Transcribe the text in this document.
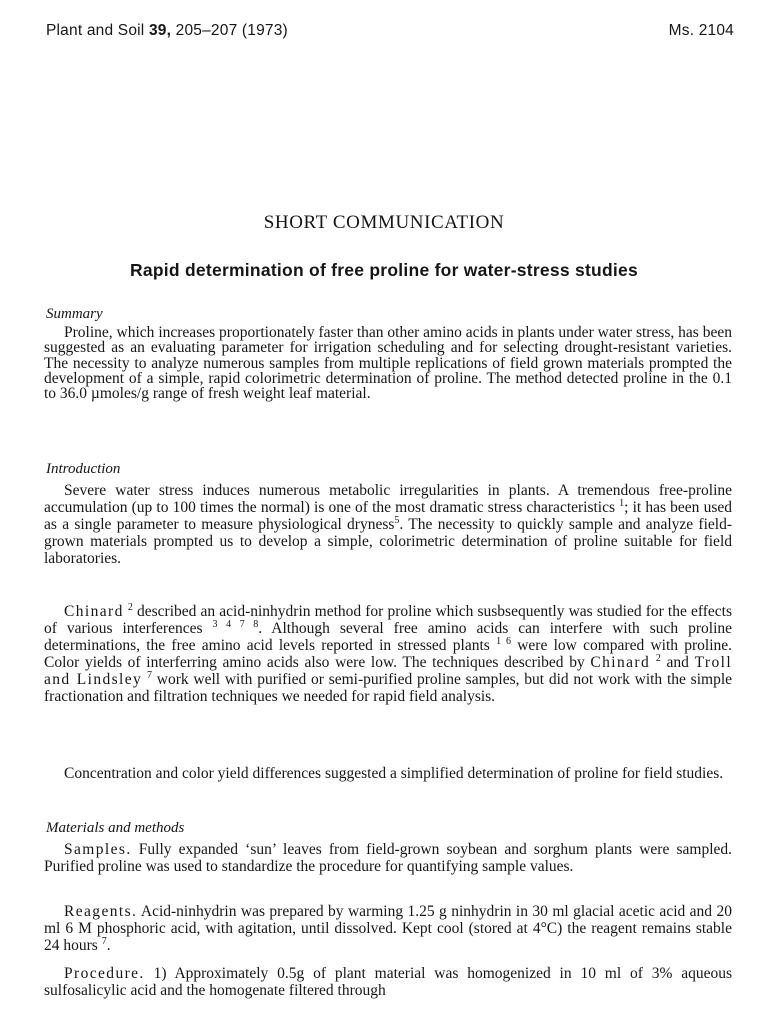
Plant and Soil 39, 205–207 (1973)	Ms. 2104
SHORT COMMUNICATION
Rapid determination of free proline for water-stress studies
Summary

Proline, which increases proportionately faster than other amino acids in plants under water stress, has been suggested as an evaluating parameter for irrigation scheduling and for selecting drought-resistant varieties. The necessity to analyze numerous samples from multiple replications of field grown materials prompted the development of a simple, rapid colorimetric determination of proline. The method detected proline in the 0.1 to 36.0 µmoles/g range of fresh weight leaf material.

Introduction

Severe water stress induces numerous metabolic irregularities in plants. A tremendous free-proline accumulation (up to 100 times the normal) is one of the most dramatic stress characteristics $^1$; it has been used as a single parameter to measure physiological dryness$^5$. The necessity to quickly sample and analyze field-grown materials prompted us to develop a simple, colorimetric determination of proline suitable for field laboratories.

Chinard $^2$ described an acid-ninhydrin method for proline which susbsequently was studied for the effects of various interferences $^{3 4 7 8}$. Although several free amino acids can interfere with such proline determinations, the free amino acid levels reported in stressed plants $^{1 6}$ were low compared with proline. Color yields of interferring amino acids also were low. The techniques described by Chinard $^2$ and Troll and Lindsley $^7$ work well with purified or semi-purified proline samples, but did not work with the simple fractionation and filtration techniques we needed for rapid field analysis.

Concentration and color yield differences suggested a simplified determination of proline for field studies.

Materials and methods

Samples. Fully expanded ‘sun’ leaves from field-grown soybean and sorghum plants were sampled. Purified proline was used to standardize the procedure for quantifying sample values.

Reagents. Acid-ninhydrin was prepared by warming 1.25 g ninhydrin in 30 ml glacial acetic acid and 20 ml 6 M phosphoric acid, with agitation, until dissolved. Kept cool (stored at 4°C) the reagent remains stable 24 hours $^7$.

Procedure. 1) Approximately 0.5g of plant material was homogenized in 10 ml of 3% aqueous sulfosalicylic acid and the homogenate filtered through
